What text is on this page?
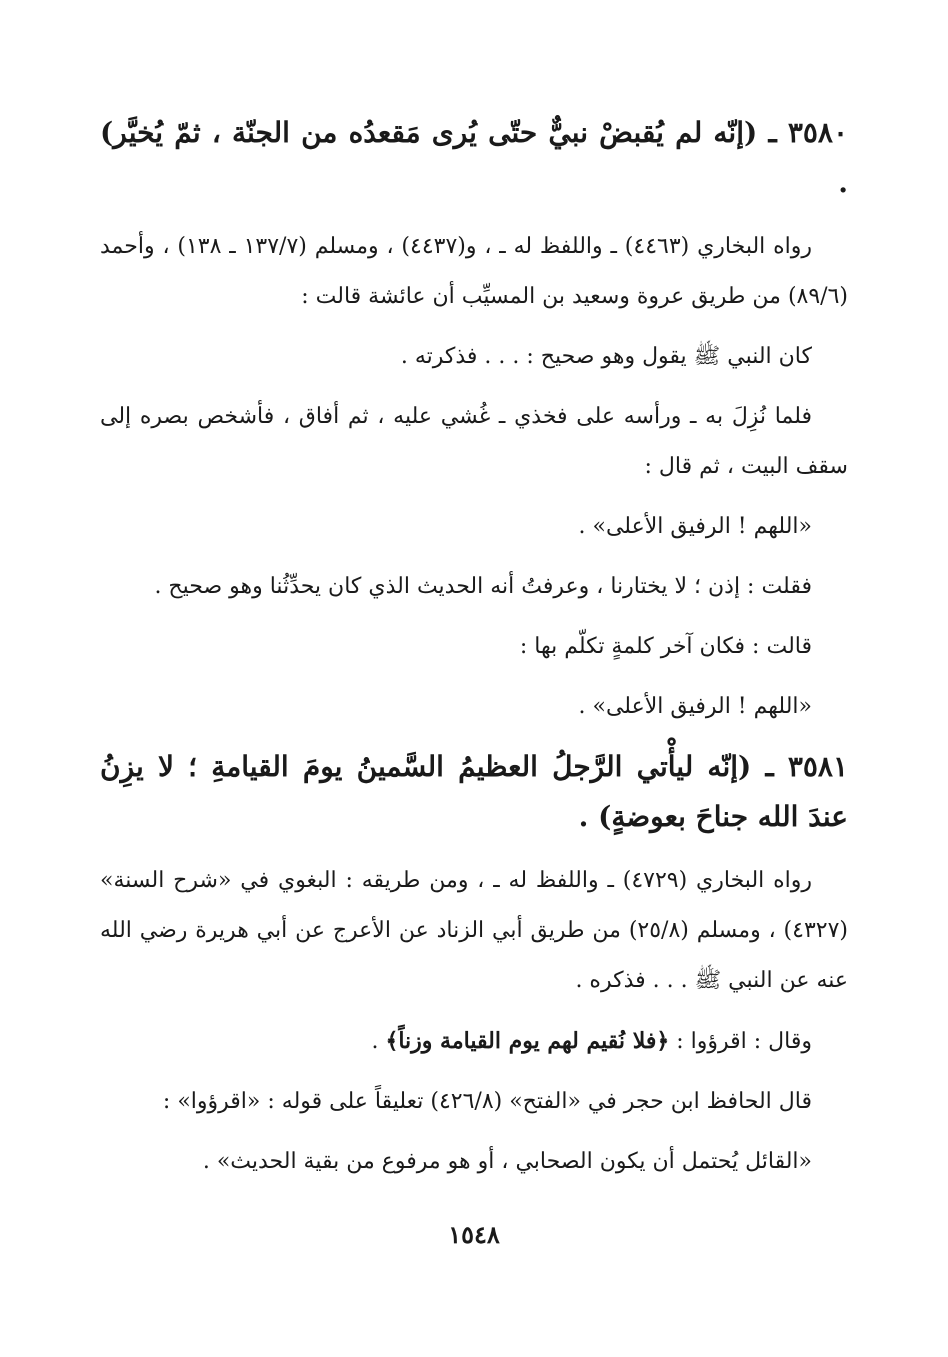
٣٥٨٠ ـ (إنّه لم يُقبضْ نبيٌّ حتّى يُرى مَقعدُه من الجنّة ، ثمّ يُخيَّر) .
رواه البخاري (٤٤٦٣) ـ واللفظ له ـ ، و(٤٤٣٧) ، ومسلم (١٣٧/٧ ـ ١٣٨) ، وأحمد (٨٩/٦) من طريق عروة وسعيد بن المسيِّب أن عائشة قالت :
كان النبي ﷺ يقول وهو صحيح : . . . فذكرته .
فلما نُزِلَ به ـ ورأسه على فخذي ـ غُشي عليه ، ثم أفاق ، فأشخص بصره إلى سقف البيت ، ثم قال :
«اللهم ! الرفيق الأعلى» .
فقلت : إذن ؛ لا يختارنا ، وعرفتُ أنه الحديث الذي كان يحدِّثُنا وهو صحيح .
قالت : فكان آخر كلمةٍ تكلّم بها :
«اللهم ! الرفيق الأعلى» .
٣٥٨١ ـ (إنّه ليأْتي الرَّجلُ العظيمُ السَّمينُ يومَ القيامةِ ؛ لا يزِنُ عندَ الله جناحَ بعوضةٍ) .
رواه البخاري (٤٧٢٩) ـ واللفظ له ـ ، ومن طريقه : البغوي في «شرح السنة» (٤٣٢٧) ، ومسلم (٢٥/٨) من طريق أبي الزناد عن الأعرج عن أبي هريرة رضي الله عنه عن النبي ﷺ . . . فذكره .
وقال : اقرؤوا : ﴿فلا نُقيم لهم يوم القيامة وزناً﴾ .
قال الحافظ ابن حجر في «الفتح» (٤٢٦/٨) تعليقاً على قوله : «اقرؤوا» :
«القائل يُحتمل أن يكون الصحابي ، أو هو مرفوع من بقية الحديث» .
١٥٤٨
